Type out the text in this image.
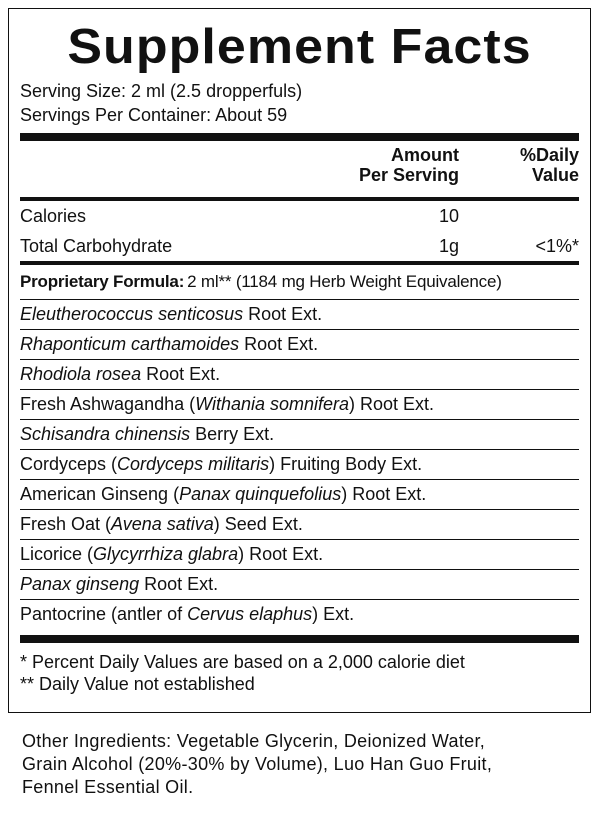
Supplement Facts
Serving Size: 2 ml (2.5 dropperfuls)
Servings Per Container: About 59
Amount
Per Serving
%Daily
Value
Calories	10
Total Carbohydrate	1g	<1%*
Proprietary Formula: 2 ml** (1184 mg Herb Weight Equivalence)
Eleutherococcus senticosus Root Ext.
Rhaponticum carthamoides Root Ext.
Rhodiola rosea Root Ext.
Fresh Ashwagandha ( Withania somnifera ) Root Ext.
Schisandra chinensis Berry Ext.
Cordyceps ( Cordyceps militaris ) Fruiting Body Ext.
American Ginseng ( Panax quinquefolius ) Root Ext.
Fresh Oat ( Avena sativa ) Seed Ext.
Licorice ( Glycyrrhiza glabra ) Root Ext.
Panax ginseng Root Ext.
Pantocrine (antler of Cervus elaphus ) Ext.
* Percent Daily Values are based on a 2,000 calorie diet
** Daily Value not established
Other Ingredients: Vegetable Glycerin, Deionized Water,
Grain Alcohol (20%-30% by Volume), Luo Han Guo Fruit,
Fennel Essential Oil.
